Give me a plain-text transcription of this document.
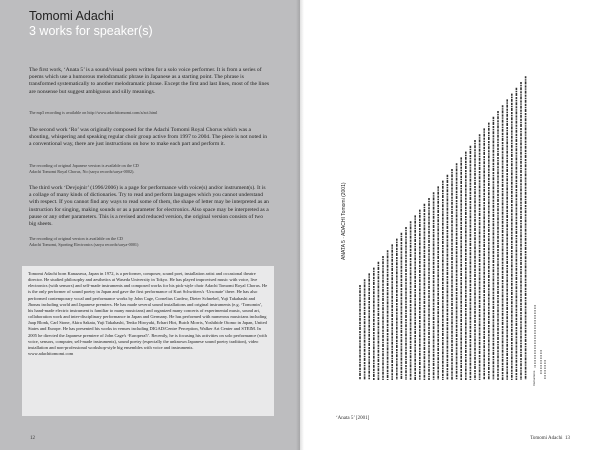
Tomomi Adachi
3 works for speaker(s)

The first work, ‘Anata 5’ is a sound/visual poem written for a solo voice performer. It is from a series of poems which use a humorous melodramatic phrase in Japanese as a starting point. The phrase is transformed systematically to another melodramatic phrase. Except the first and last lines, most of the lines are nonsense but suggest ambiguous and silly meanings.

The mp3 recording is available on http://www.adachitomomi.com/a/act.html

The second work ‘Ro’ was originally composed for the Adachi Tomomi Royal Chorus which was a shouting, whispering and speaking regular choir group active from 1997 to 2004. The piece is not noted in a conventional way, there are just instructions on how to make each part and perform it.

The recording of original Japanese version is available on the CD

Adachi Tomomi Royal Chorus, No (sarya records/sarya-0002).

The third work ‘Devjojnir’ (1996/2006) is a page for performance with voice(s) and/or instrument(s). It is a collage of many kinds of dictionaries. Try to read and perform languages which you cannot understand with respect. If you cannot find any ways to read some of them, the shape of letter may be interpreted as an instruction for singing, making sounds or as a parameter for electronics. Also space may be interpreted as a pause or any other parameters. This is a revised and reduced version, the original version consists of two big sheets.

The recording of original version is available on the CD

Adachi Tomomi, Sporting Electronics (sarya records/sarya-0001)

Tomomi Adachi born Kanazawa, Japan in 1972, is a performer, composer, sound poet, installation artist and occasional theatre director. He studied philosophy and aesthetics at Waseda University in Tokyo. He has played improvised music with voice, live electronics (with sensors) and self-made instruments and composed works for his pick-style choir Adachi Tomomi Royal Chorus. He is the only performer of sound poetry in Japan and gave the first performance of Kurt Schwitters's ‘Ursonate’ there. He has also performed contemporary vocal and performance works by John Cage, Cornelius Cardew, Dieter Schnebel, Yuji Takahashi and Jhonas including world and Japanese premiers. He has made several sound installations and original instruments (e.g. ‘Tomomin’, his hand-made electric instrument is familiar to many musicians) and organized many concerts of experimental music, sound art, collaboration work and inter-disciplinary performance in Japan and Germany. He has performed with numerous musicians including Jaap Blonk, Carl Stone, Akira Sakata, Yuji Takahashi, Tenko Hiroyuki, Erhart Hirt, Butch Morris, Yoshihide Otomo in Japan, United States and Europe. He has presented his works in venues including DIGAD/Centre Perception, Walker Art Center and STEIM. In 2005 he directed the Japanese premiere of John Cage's ‘Europera5’. Recently, he is focusing his activities on solo performance (with voice, sensors, computer, self-made instruments), sound poetry (especially the unknown Japanese sound poetry tradition), video installation and non-professional workshop-style big ensembles with voice and instruments.
www.adachitomomi.com

12
ANATA 5 · ADACHI Tomomi (2001)
Instructions
‘Anata 5’ [2001]
Tomomi Adachi 13
